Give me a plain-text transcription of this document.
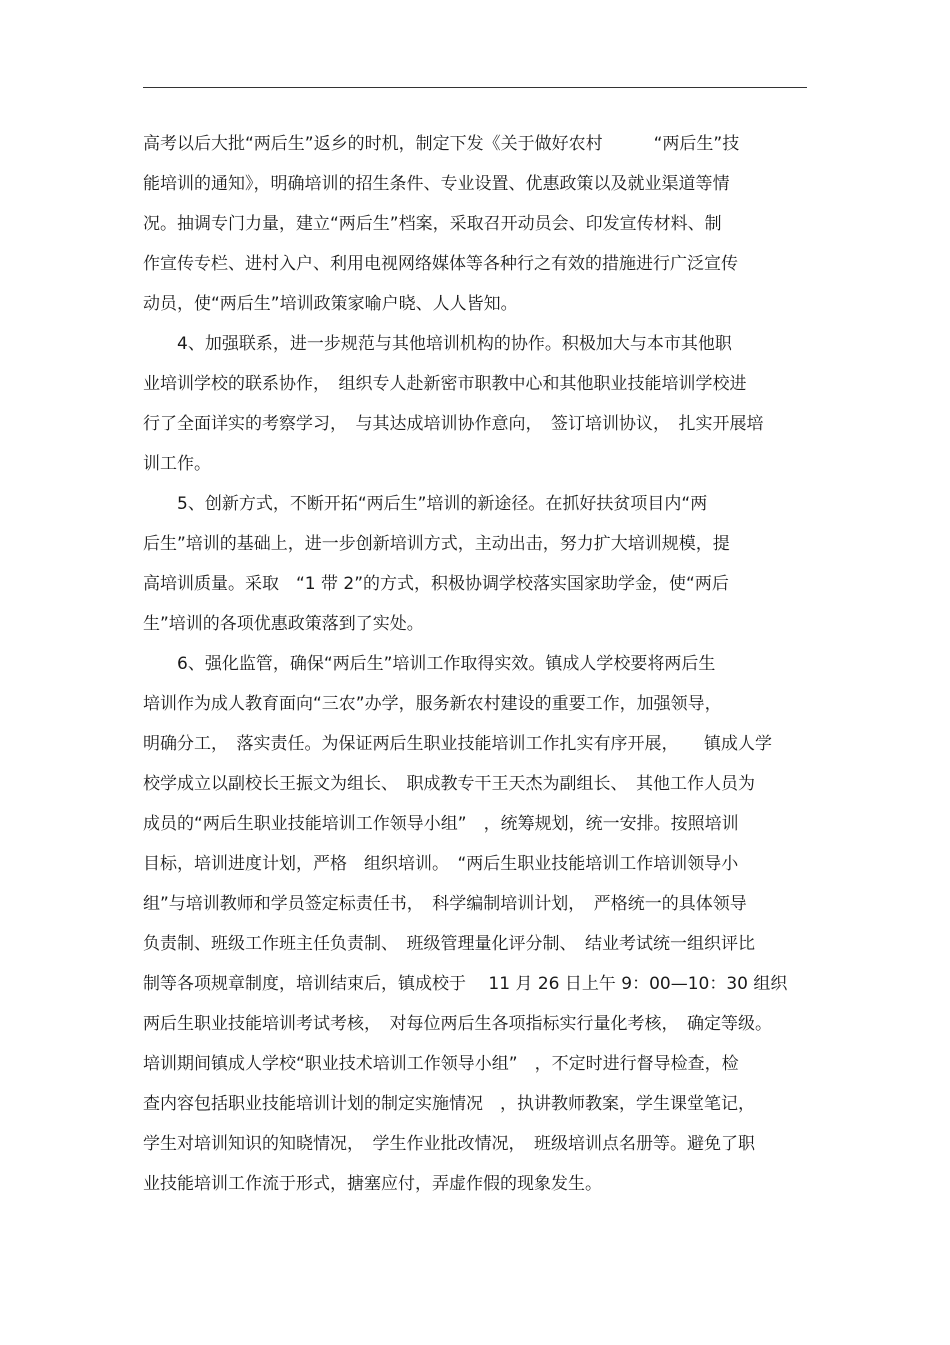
高考以后大批“两后生”返乡的时机，制定下发《关于做好农村　　　“两后生”技
能培训的通知》，明确培训的招生条件、专业设置、优惠政策以及就业渠道等情
况。抽调专门力量，建立“两后生”档案，采取召开动员会、印发宣传材料、制
作宣传专栏、进村入户、利用电视网络媒体等各种行之有效的措施进行广泛宣传
动员，使“两后生”培训政策家喻户晓、人人皆知。
　　4、加强联系，进一步规范与其他培训机构的协作。积极加大与本市其他职
业培训学校的联系协作，　组织专人赴新密市职教中心和其他职业技能培训学校进
行了全面详实的考察学习，　与其达成培训协作意向，　签订培训协议，　扎实开展培
训工作。
　　5、创新方式，不断开拓“两后生”培训的新途径。在抓好扶贫项目内“两
后生”培训的基础上，进一步创新培训方式，主动出击，努力扩大培训规模，提
高培训质量。采取　“1 带 2”的方式，积极协调学校落实国家助学金，使“两后
生”培训的各项优惠政策落到了实处。
　　6、强化监管，确保“两后生”培训工作取得实效。镇成人学校要将两后生
培训作为成人教育面向“三农”办学，服务新农村建设的重要工作，加强领导，
明确分工，　落实责任。为保证两后生职业技能培训工作扎实有序开展，　　镇成人学
校学成立以副校长王振文为组长、　职成教专干王天杰为副组长、　其他工作人员为
成员的“两后生职业技能培训工作领导小组”　，统筹规划，统一安排。按照培训
目标，培训进度计划，严格　组织培训。　“两后生职业技能培训工作培训领导小
组”与培训教师和学员签定标责任书，　科学编制培训计划，　严格统一的具体领导
负责制、班级工作班主任负责制、　班级管理量化评分制、　结业考试统一组织评比
制等各项规章制度，培训结束后，镇成校于　 11 月 26 日上午 9：00—10：30 组织
两后生职业技能培训考试考核，　对每位两后生各项指标实行量化考核，　确定等级。
培训期间镇成人学校“职业技术培训工作领导小组”　，不定时进行督导检查，检
查内容包括职业技能培训计划的制定实施情况　，执讲教师教案，学生课堂笔记，
学生对培训知识的知晓情况，　学生作业批改情况，　班级培训点名册等。避免了职
业技能培训工作流于形式，搪塞应付，弄虚作假的现象发生。
